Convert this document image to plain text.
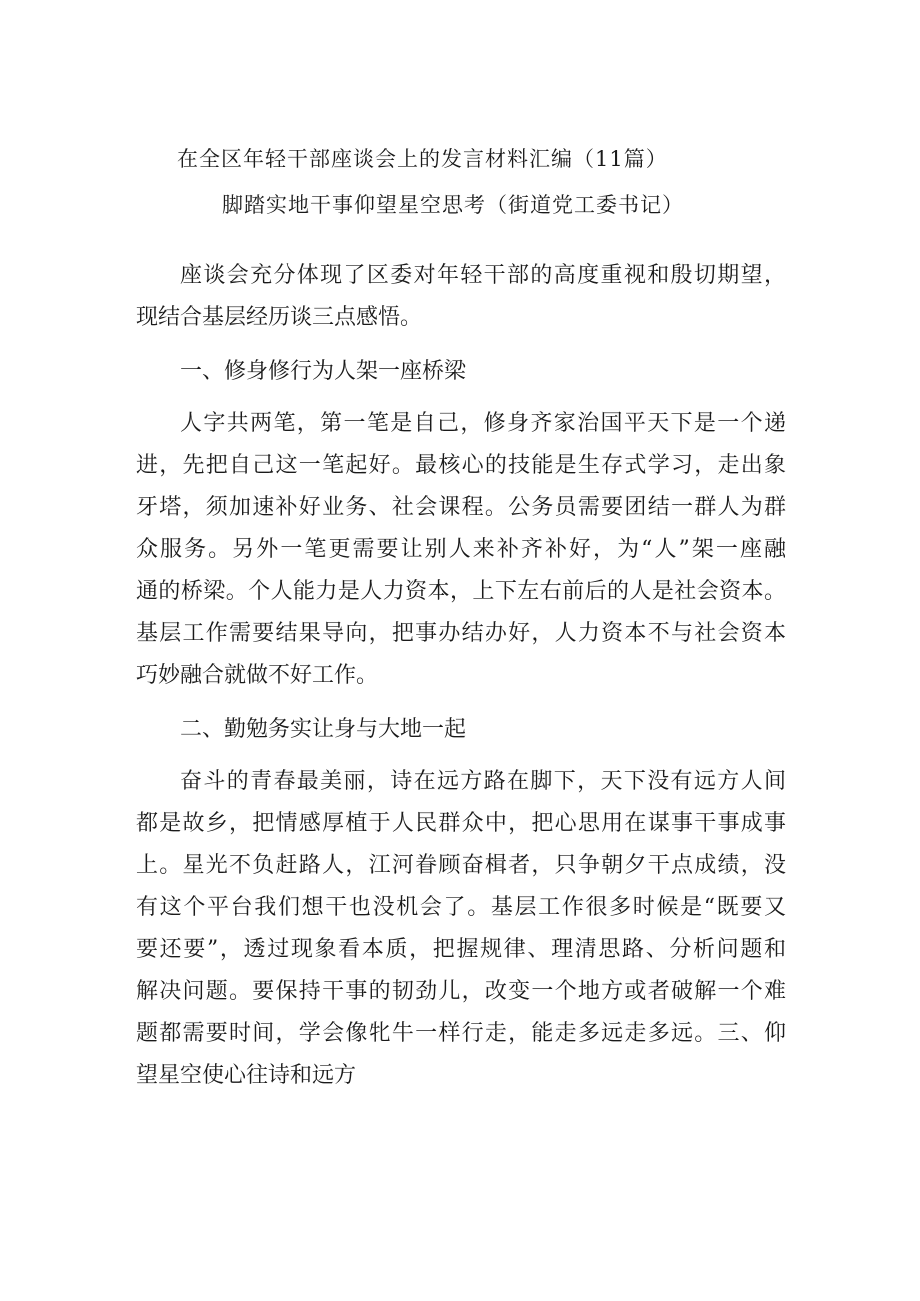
在全区年轻干部座谈会上的发言材料汇编（11篇）
脚踏实地干事仰望星空思考（街道党工委书记）
座谈会充分体现了区委对年轻干部的高度重视和殷切期望，
现结合基层经历谈三点感悟。
一、修身修行为人架一座桥梁
人字共两笔，第一笔是自己，修身齐家治国平天下是一个递
进，先把自己这一笔起好。最核心的技能是生存式学习，走出象
牙塔，须加速补好业务、社会课程。公务员需要团结一群人为群
众服务。另外一笔更需要让别人来补齐补好，为“人”架一座融
通的桥梁。个人能力是人力资本，上下左右前后的人是社会资本。
基层工作需要结果导向，把事办结办好，人力资本不与社会资本
巧妙融合就做不好工作。
二、勤勉务实让身与大地一起
奋斗的青春最美丽，诗在远方路在脚下，天下没有远方人间
都是故乡，把情感厚植于人民群众中，把心思用在谋事干事成事
上。星光不负赶路人，江河眷顾奋楫者，只争朝夕干点成绩，没
有这个平台我们想干也没机会了。基层工作很多时候是“既要又
要还要”，透过现象看本质，把握规律、理清思路、分析问题和
解决问题。要保持干事的韧劲儿，改变一个地方或者破解一个难
题都需要时间，学会像牝牛一样行走，能走多远走多远。三、仰
望星空使心往诗和远方
